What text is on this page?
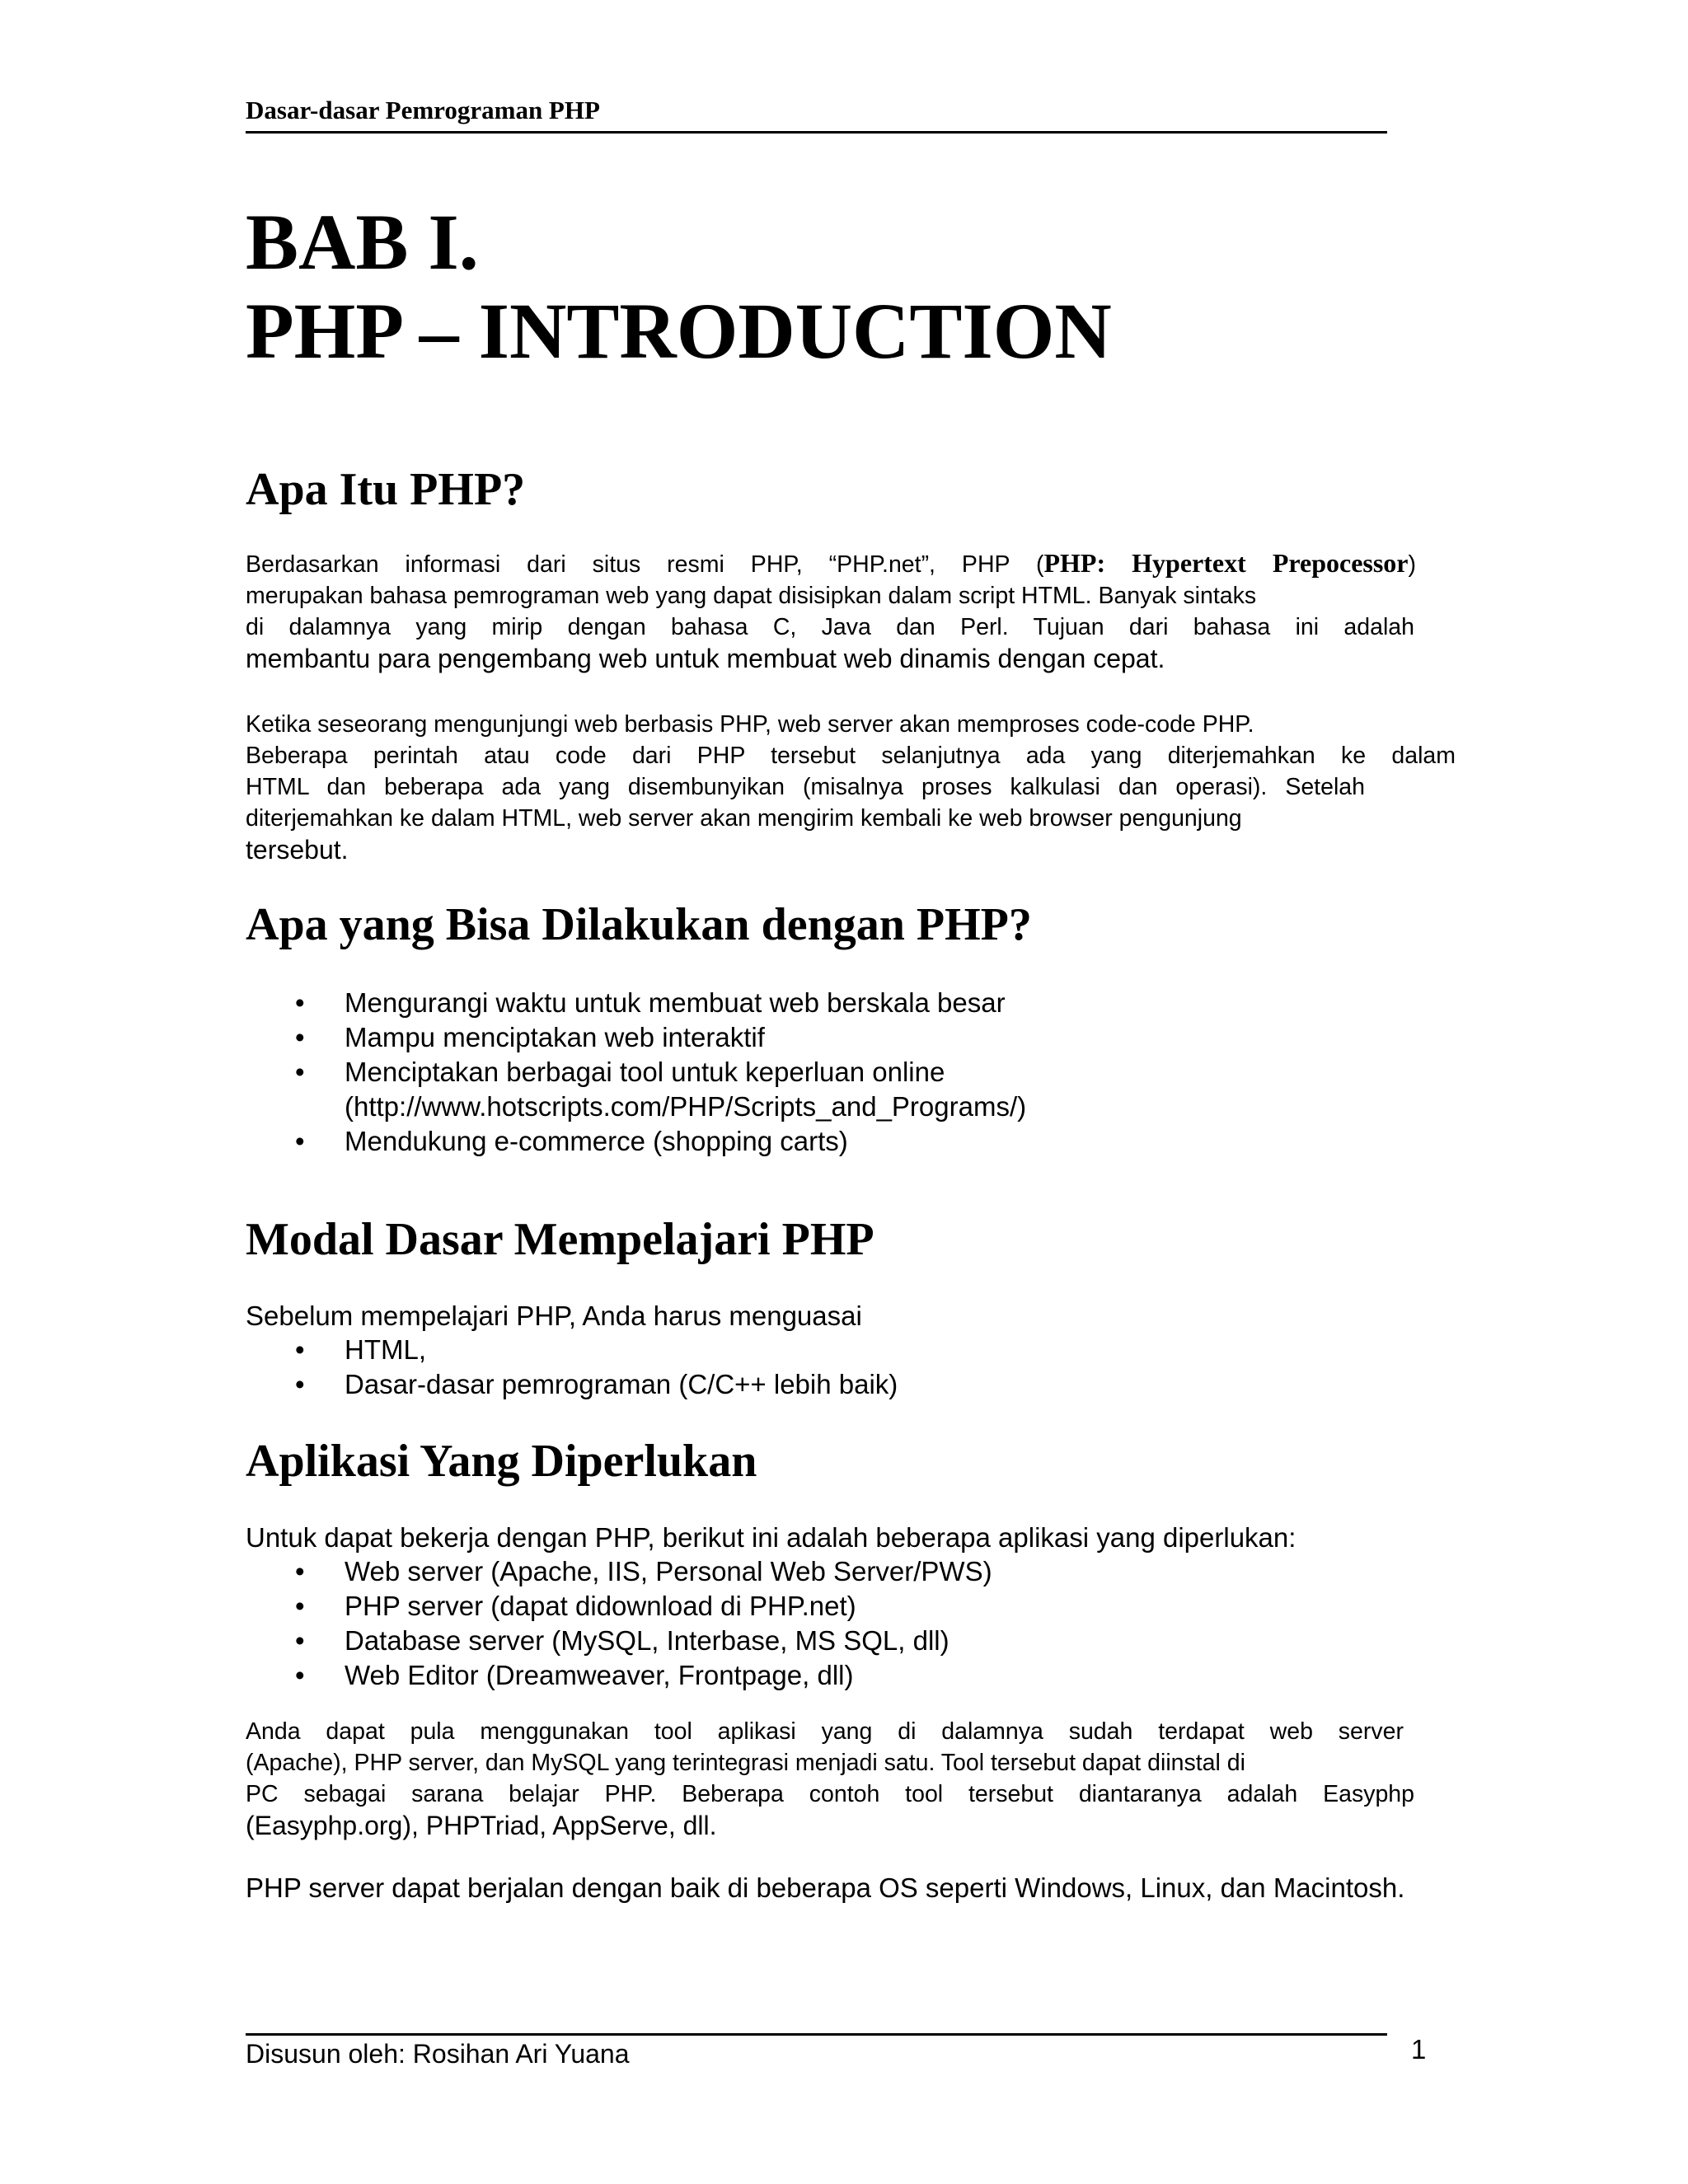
Dasar-dasar Pemrograman PHP
BAB I.
PHP – INTRODUCTION
Apa Itu PHP?
Berdasarkan informasi dari situs resmi PHP, “PHP.net”, PHP (PHP: Hypertext Prepocessor)
merupakan bahasa pemrograman web yang dapat disisipkan dalam script HTML. Banyak sintaks
di dalamnya yang mirip dengan bahasa C, Java dan Perl. Tujuan dari bahasa ini adalah
membantu para pengembang web untuk membuat web dinamis dengan cepat.
Ketika seseorang mengunjungi web berbasis PHP, web server akan memproses code-code PHP.
Beberapa perintah atau code dari PHP tersebut selanjutnya ada yang diterjemahkan ke dalam
HTML dan beberapa ada yang disembunyikan (misalnya proses kalkulasi dan operasi). Setelah
diterjemahkan ke dalam HTML, web server akan mengirim kembali ke web browser pengunjung
tersebut.
Apa yang Bisa Dilakukan dengan PHP?
• Mengurangi waktu untuk membuat web berskala besar
• Mampu menciptakan web interaktif
• Menciptakan berbagai tool untuk keperluan online
(http://www.hotscripts.com/PHP/Scripts_and_Programs/)
• Mendukung e-commerce (shopping carts)
Modal Dasar Mempelajari PHP
Sebelum mempelajari PHP, Anda harus menguasai
• HTML,
• Dasar-dasar pemrograman (C/C++ lebih baik)
Aplikasi Yang Diperlukan
Untuk dapat bekerja dengan PHP, berikut ini adalah beberapa aplikasi yang diperlukan:
• Web server (Apache, IIS, Personal Web Server/PWS)
• PHP server (dapat didownload di PHP.net)
• Database server (MySQL, Interbase, MS SQL, dll)
• Web Editor (Dreamweaver, Frontpage, dll)
Anda dapat pula menggunakan tool aplikasi yang di dalamnya sudah terdapat web server
(Apache), PHP server, dan MySQL yang terintegrasi menjadi satu. Tool tersebut dapat diinstal di
PC sebagai sarana belajar PHP. Beberapa contoh tool tersebut diantaranya adalah Easyphp
(Easyphp.org), PHPTriad, AppServe, dll.
PHP server dapat berjalan dengan baik di beberapa OS seperti Windows, Linux, dan Macintosh.
Disusun oleh: Rosihan Ari Yuana	1
